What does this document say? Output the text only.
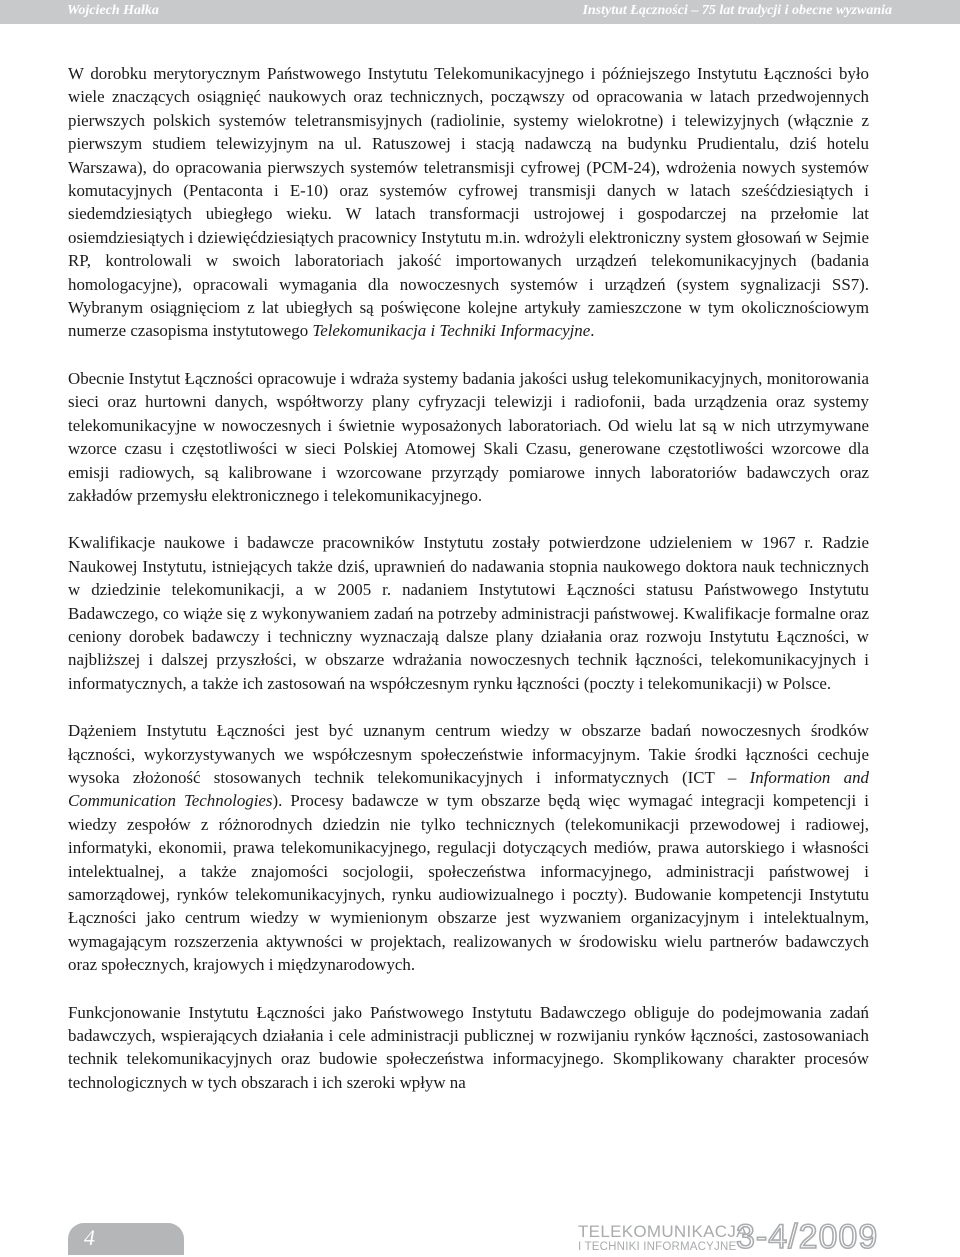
Wojciech Hałka	Instytut Łączności – 75 lat tradycji i obecne wyzwania

W dorobku merytorycznym Państwowego Instytutu Telekomunikacyjnego i późniejszego Instytutu Łączności było wiele znaczących osiągnięć naukowych oraz technicznych, począwszy od opracowania w latach przedwojennych pierwszych polskich systemów teletransmisyjnych (radiolinie, systemy wielokrotne) i telewizyjnych (włącznie z pierwszym studiem telewizyjnym na ul. Ratuszowej i stacją nadawczą na budynku Prudientalu, dziś hotelu Warszawa), do opracowania pierwszych systemów teletransmisji cyfrowej (PCM-24), wdrożenia nowych systemów komutacyjnych (Pentaconta i E-10) oraz systemów cyfrowej transmisji danych w latach sześćdziesiątych i siedemdziesiątych ubiegłego wieku. W latach transformacji ustrojowej i gospodarczej na przełomie lat osiemdziesiątych i dziewięćdziesiątych pracownicy Instytutu m.in. wdrożyli elektroniczny system głosowań w Sejmie RP, kontrolowali w swoich laboratoriach jakość importowanych urządzeń telekomunikacyjnych (badania homologacyjne), opracowali wymagania dla nowoczesnych systemów i urządzeń (system sygnalizacji SS7). Wybranym osiągnięciom z lat ubiegłych są poświęcone kolejne artykuły zamieszczone w tym okolicznościowym numerze czasopisma instytutowego Telekomunikacja i Techniki Informacyjne.

Obecnie Instytut Łączności opracowuje i wdraża systemy badania jakości usług telekomunikacyjnych, monitorowania sieci oraz hurtowni danych, współtworzy plany cyfryzacji telewizji i radiofonii, bada urządzenia oraz systemy telekomunikacyjne w nowoczesnych i świetnie wyposażonych laboratoriach. Od wielu lat są w nich utrzymywane wzorce czasu i częstotliwości w sieci Polskiej Atomowej Skali Czasu, generowane częstotliwości wzorcowe dla emisji radiowych, są kalibrowane i wzorcowane przyrządy pomiarowe innych laboratoriów badawczych oraz zakładów przemysłu elektronicznego i telekomunikacyjnego.

Kwalifikacje naukowe i badawcze pracowników Instytutu zostały potwierdzone udzieleniem w 1967 r. Radzie Naukowej Instytutu, istniejących także dziś, uprawnień do nadawania stopnia naukowego doktora nauk technicznych w dziedzinie telekomunikacji, a w 2005 r. nadaniem Instytutowi Łączności statusu Państwowego Instytutu Badawczego, co wiąże się z wykonywaniem zadań na potrzeby administracji państwowej. Kwalifikacje formalne oraz ceniony dorobek badawczy i techniczny wyznaczają dalsze plany działania oraz rozwoju Instytutu Łączności, w najbliższej i dalszej przyszłości, w obszarze wdrażania nowoczesnych technik łączności, telekomunikacyjnych i informatycznych, a także ich zastosowań na współczesnym rynku łączności (poczty i telekomunikacji) w Polsce.

Dążeniem Instytutu Łączności jest być uznanym centrum wiedzy w obszarze badań nowoczesnych środków łączności, wykorzystywanych we współczesnym społeczeństwie informacyjnym. Takie środki łączności cechuje wysoka złożoność stosowanych technik telekomunikacyjnych i informatycznych (ICT – Information and Communication Technologies). Procesy badawcze w tym obszarze będą więc wymagać integracji kompetencji i wiedzy zespołów z różnorodnych dziedzin nie tylko technicznych (telekomunikacji przewodowej i radiowej, informatyki, ekonomii, prawa telekomunikacyjnego, regulacji dotyczących mediów, prawa autorskiego i własności intelektualnej, a także znajomości socjologii, społeczeństwa informacyjnego, administracji państwowej i samorządowej, rynków telekomunikacyjnych, rynku audiowizualnego i poczty). Budowanie kompetencji Instytutu Łączności jako centrum wiedzy w wymienionym obszarze jest wyzwaniem organizacyjnym i intelektualnym, wymagającym rozszerzenia aktywności w projektach, realizowanych w środowisku wielu partnerów badawczych oraz społecznych, krajowych i międzynarodowych.

Funkcjonowanie Instytutu Łączności jako Państwowego Instytutu Badawczego obliguje do podejmowania zadań badawczych, wspierających działania i cele administracji publicznej w rozwijaniu rynków łączności, zastosowaniach technik telekomunikacyjnych oraz budowie społeczeństwa informacyjnego. Skomplikowany charakter procesów technologicznych w tych obszarach i ich szeroki wpływ na

4	TELEKOMUNIKACJA
I TECHNIKI INFORMACYJNE 3-4/2009
